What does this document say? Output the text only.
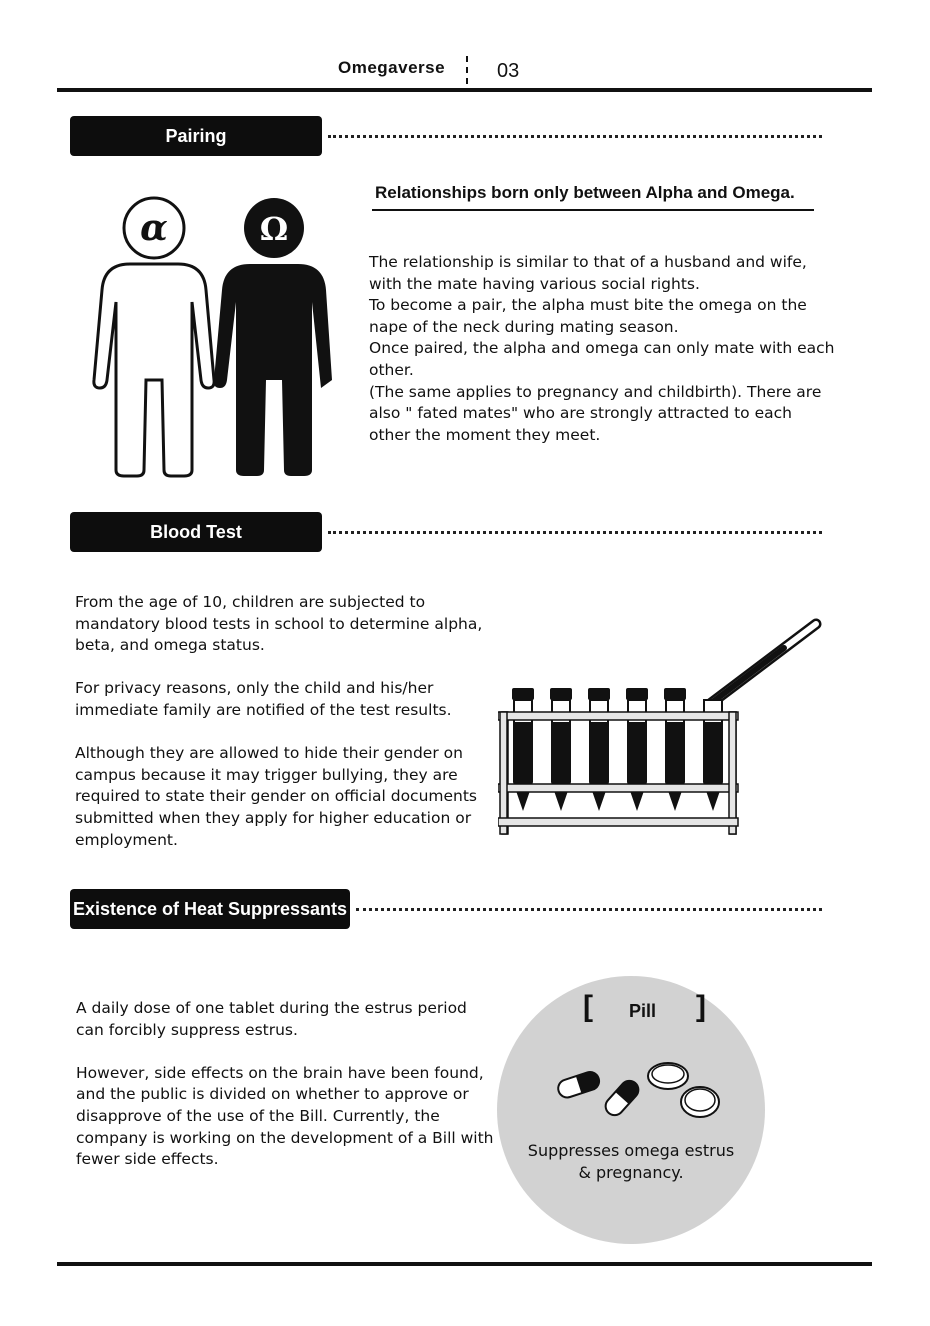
Omegaverse	03
Pairing
α	Ω
Relationships born only between Alpha and Omega.

The relationship is similar to that of a husband and wife,

with the mate having various social rights.

To become a pair, the alpha must bite the omega on the

nape of the neck during mating season.

Once paired, the alpha and omega can only mate with each

other.

(The same applies to pregnancy and childbirth). There are

also " fated mates" who are strongly attracted to each

other the moment they meet.

Blood Test

From the age of 10, children are subjected to

mandatory blood tests in school to determine alpha,

beta, and omega status.

For privacy reasons, only the child and his/her

immediate family are notified of the test results.

Although they are allowed to hide their gender on

campus because it may trigger bullying, they are

required to state their gender on official documents

submitted when they apply for higher education or

employment.

Existence of Heat Suppressants

A daily dose of one tablet during the estrus period

can forcibly suppress estrus.

However, side effects on the brain have been found,

and the public is divided on whether to approve or

disapprove of the use of the Bill. Currently, the

company is working on the development of a Bill with

fewer side effects.

[ Pill ]
Suppresses omega estrus
& pregnancy.
